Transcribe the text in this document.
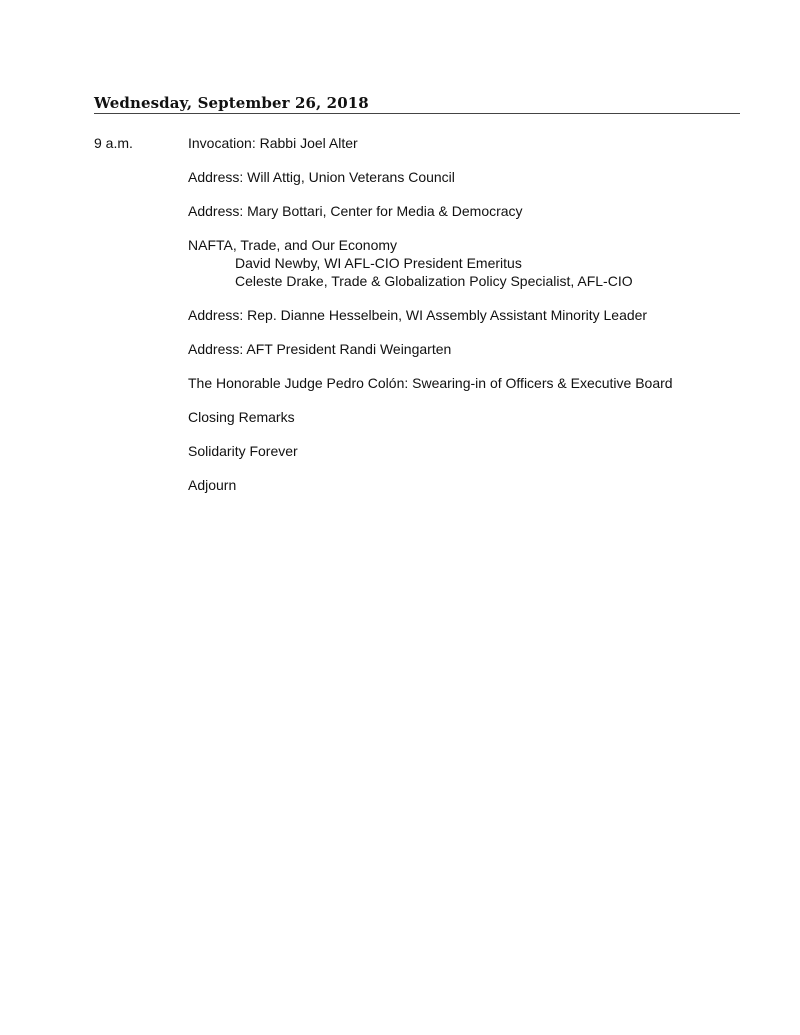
Wednesday, September 26, 2018
9 a.m.	Invocation: Rabbi Joel Alter
Address: Will Attig, Union Veterans Council
Address: Mary Bottari, Center for Media & Democracy
NAFTA, Trade, and Our Economy
David Newby, WI AFL-CIO President Emeritus
Celeste Drake, Trade & Globalization Policy Specialist, AFL-CIO
Address: Rep. Dianne Hesselbein, WI Assembly Assistant Minority Leader
Address: AFT President Randi Weingarten
The Honorable Judge Pedro Colón: Swearing-in of Officers & Executive Board
Closing Remarks
Solidarity Forever
Adjourn
